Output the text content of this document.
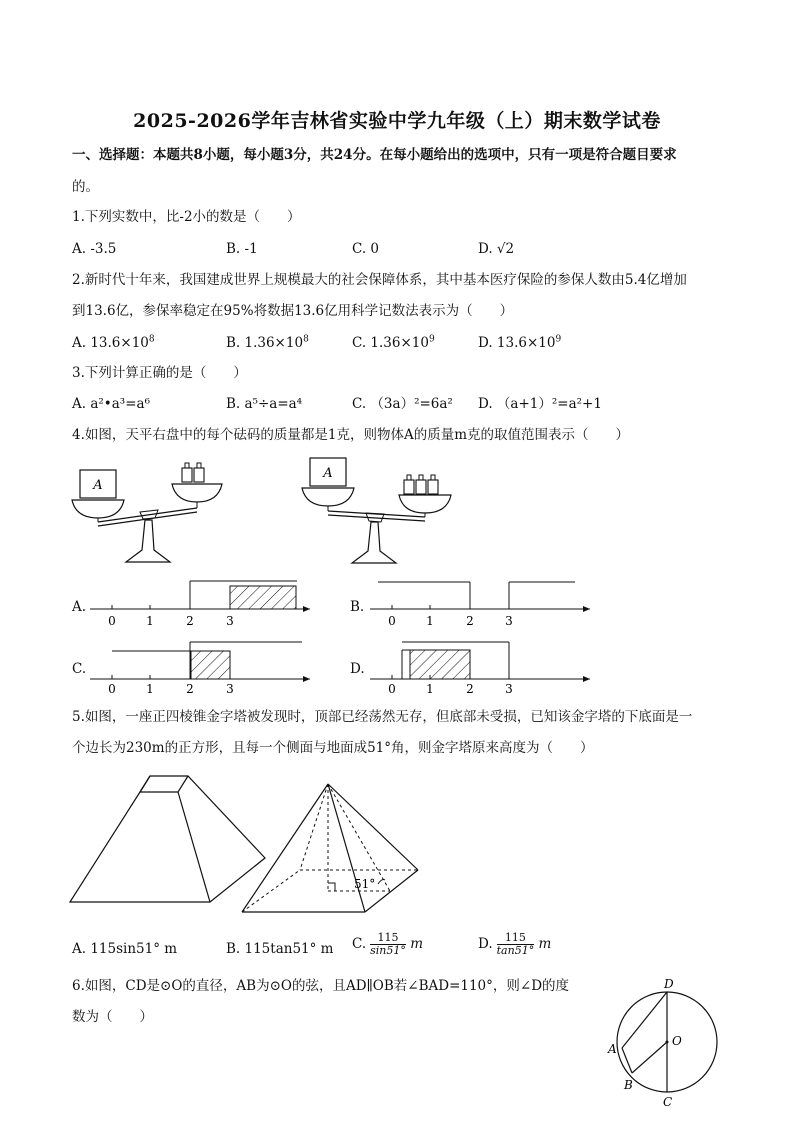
2025-2026学年吉林省实验中学九年级（上）期末数学试卷
一、选择题：本题共8小题，每小题3分，共24分。在每小题给出的选项中，只有一项是符合题目要求
的。
1.下列实数中，比-2小的数是（　　）
A. -3.5	B. -1	C. 0	D. √2
2.新时代十年来，我国建成世界上规模最大的社会保障体系，其中基本医疗保险的参保人数由5.4亿增加
到13.6亿，参保率稳定在95%将数据13.6亿用科学记数法表示为（　　）
A. $13.6\times 10^8$	B. $1.36\times 10^8$	C. $1.36\times 10^9$	D. $13.6\times 10^9$
3.下列计算正确的是（　　）
A. a²•a³=a⁶	B. a⁵÷a=a⁴	C. （3a）²=6a² D. （a+1）²=a²+1
4.如图，天平右盘中的每个砝码的质量都是1克，则物体A的质量m克的取值范围表示（　　）
A
A
A.
0	1	2	3
B.
0	1	2	3
C.
0	1	2	3
D.
0	1	2	3
5.如图，一座正四棱锥金字塔被发现时，顶部已经荡然无存，但底部未受损，已知该金字塔的下底面是一
个边长为230m的正方形，且每一个侧面与地面成51°角，则金字塔原来高度为（　　）
51°
A. 115sin51° m	B. 115tan51° m C. $\frac{115}{\sin 51^\circ}$ m	D. $\frac{115}{\tan 51^\circ}$ m
6.如图，CD是⊙O的直径，AB为⊙O的弦，且AD∥OB若∠BAD=110°，则∠D的度
数为（　　）
D
A
O
B
C
